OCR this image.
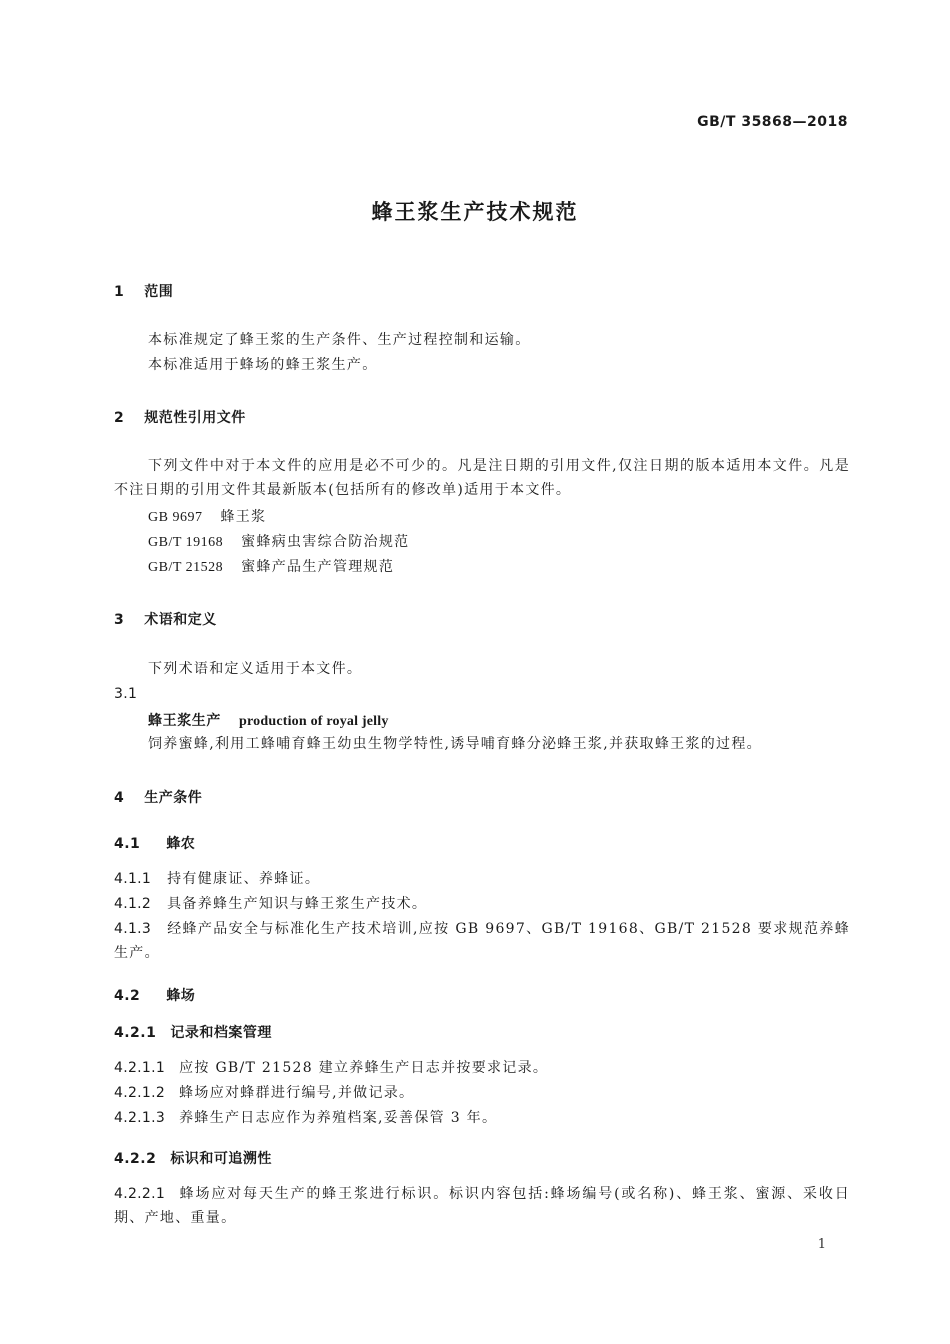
GB/T 35868—2018
蜂王浆生产技术规范
1 范围
本标准规定了蜂王浆的生产条件、生产过程控制和运输。
本标准适用于蜂场的蜂王浆生产。
2 规范性引用文件
下列文件中对于本文件的应用是必不可少的。凡是注日期的引用文件,仅注日期的版本适用本文件。凡是不注日期的引用文件其最新版本(包括所有的修改单)适用于本文件。
GB 9697 蜂王浆
GB/T 19168 蜜蜂病虫害综合防治规范
GB/T 21528 蜜蜂产品生产管理规范
3 术语和定义
下列术语和定义适用于本文件。
3.1
蜂王浆生产 production of royal jelly
饲养蜜蜂,利用工蜂哺育蜂王幼虫生物学特性,诱导哺育蜂分泌蜂王浆,并获取蜂王浆的过程。
4 生产条件
4.1 蜂农
4.1.1 持有健康证、养蜂证。
4.1.2 具备养蜂生产知识与蜂王浆生产技术。
4.1.3 经蜂产品安全与标准化生产技术培训,应按 GB 9697、GB/T 19168、GB/T 21528 要求规范养蜂生产。
4.2 蜂场
4.2.1 记录和档案管理
4.2.1.1 应按 GB/T 21528 建立养蜂生产日志并按要求记录。
4.2.1.2 蜂场应对蜂群进行编号,并做记录。
4.2.1.3 养蜂生产日志应作为养殖档案,妥善保管 3 年。
4.2.2 标识和可追溯性
4.2.2.1 蜂场应对每天生产的蜂王浆进行标识。标识内容包括:蜂场编号(或名称)、蜂王浆、蜜源、采收日期、产地、重量。
1
